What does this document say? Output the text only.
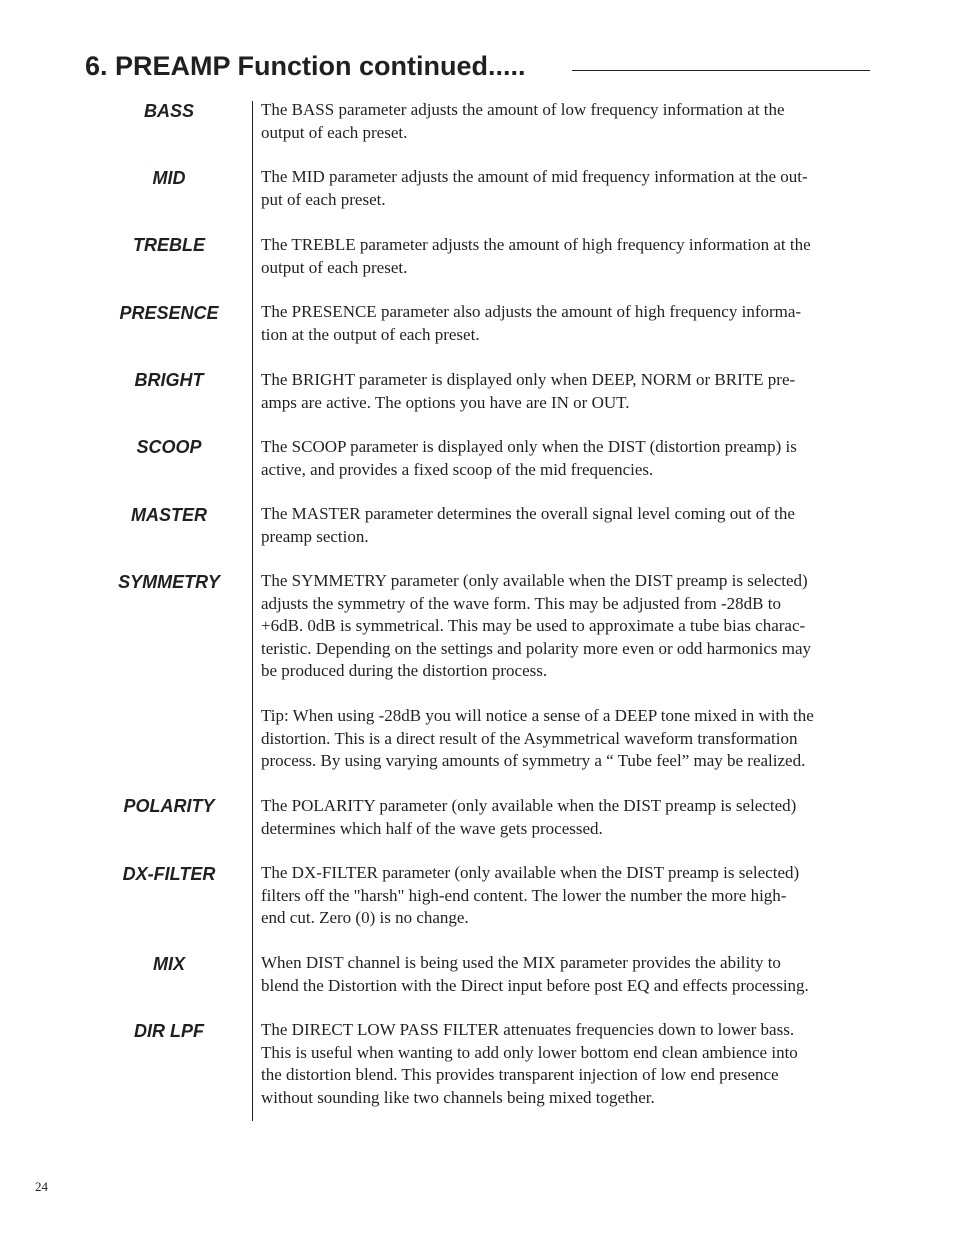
6. PREAMP Function continued.....
BASS	The BASS parameter adjusts the amount of low frequency information at the
output of each preset.
MID	The MID parameter adjusts the amount of mid frequency information at the out-
put of each preset.
TREBLE	The TREBLE parameter adjusts the amount of high frequency information at the
output of each preset.
PRESENCE	The PRESENCE parameter also adjusts the amount of high frequency informa-
tion at the output of each preset.
BRIGHT	The BRIGHT parameter is displayed only when DEEP, NORM or BRITE pre-
amps are active. The options you have are IN or OUT.
SCOOP	The SCOOP parameter is displayed only when the DIST (distortion preamp) is
active, and provides a fixed scoop of the mid frequencies.
MASTER	The MASTER parameter determines the overall signal level coming out of the
preamp section.
SYMMETRY	The SYMMETRY parameter (only available when the DIST preamp is selected)
adjusts the symmetry of the wave form. This may be adjusted from -28dB to
+6dB. 0dB is symmetrical. This may be used to approximate a tube bias charac-
teristic. Depending on the settings and polarity more even or odd harmonics may
be produced during the distortion process.
Tip: When using -28dB you will notice a sense of a DEEP tone mixed in with the
distortion. This is a direct result of the Asymmetrical waveform transformation
process. By using varying amounts of symmetry a “ Tube feel” may be realized.
POLARITY	The POLARITY parameter (only available when the DIST preamp is selected)
determines which half of the wave gets processed.
DX-FILTER	The DX-FILTER parameter (only available when the DIST preamp is selected)
filters off the "harsh" high-end content. The lower the number the more high-
end cut. Zero (0) is no change.
MIX	When DIST channel is being used the MIX parameter provides the ability to
blend the Distortion with the Direct input before post EQ and effects processing.
DIR LPF	The DIRECT LOW PASS FILTER attenuates frequencies down to lower bass.
This is useful when wanting to add only lower bottom end clean ambience into
the distortion blend. This provides transparent injection of low end presence
without sounding like two channels being mixed together.
24
